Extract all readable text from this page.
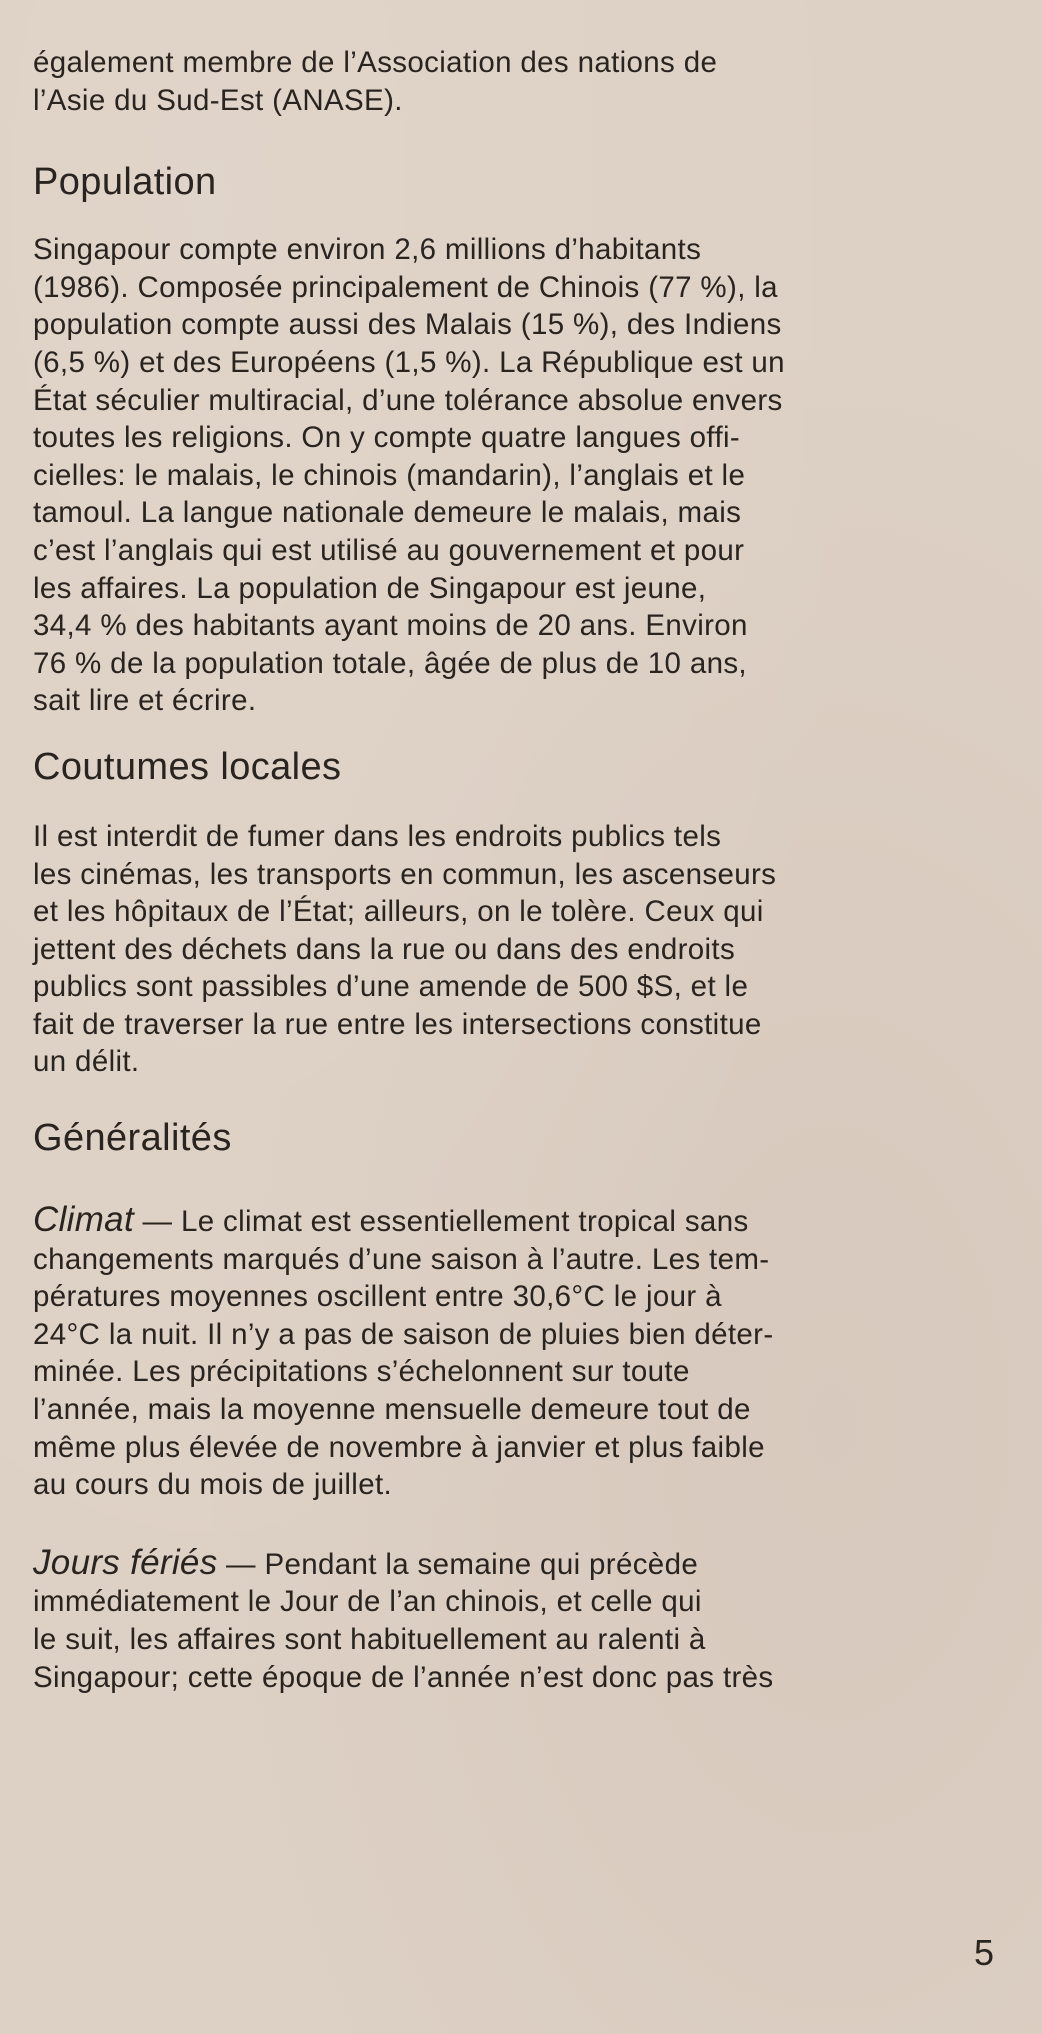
également membre de l’Association des nations de
l’Asie du Sud-Est (ANASE).

Population

Singapour compte environ 2,6 millions d’habitants
(1986). Composée principalement de Chinois (77 %), la
population compte aussi des Malais (15 %), des Indiens
(6,5 %) et des Européens (1,5 %). La République est un
État séculier multiracial, d’une tolérance absolue envers
toutes les religions. On y compte quatre langues offi-
cielles: le malais, le chinois (mandarin), l’anglais et le
tamoul. La langue nationale demeure le malais, mais
c’est l’anglais qui est utilisé au gouvernement et pour
les affaires. La population de Singapour est jeune,
34,4 % des habitants ayant moins de 20 ans. Environ
76 % de la population totale, âgée de plus de 10 ans,
sait lire et écrire.

Coutumes locales

Il est interdit de fumer dans les endroits publics tels
les cinémas, les transports en commun, les ascenseurs
et les hôpitaux de l’État; ailleurs, on le tolère. Ceux qui
jettent des déchets dans la rue ou dans des endroits
publics sont passibles d’une amende de 500 $S, et le
fait de traverser la rue entre les intersections constitue
un délit.

Généralités

Climat — Le climat est essentiellement tropical sans
changements marqués d’une saison à l’autre. Les tem-
pératures moyennes oscillent entre 30,6°C le jour à
24°C la nuit. Il n’y a pas de saison de pluies bien déter-
minée. Les précipitations s’échelonnent sur toute
l’année, mais la moyenne mensuelle demeure tout de
même plus élevée de novembre à janvier et plus faible
au cours du mois de juillet.

Jours fériés — Pendant la semaine qui précède
immédiatement le Jour de l’an chinois, et celle qui
le suit, les affaires sont habituellement au ralenti à
Singapour; cette époque de l’année n’est donc pas très

5
